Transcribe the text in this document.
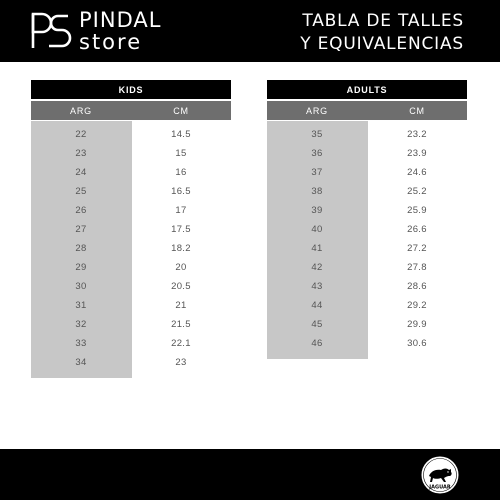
PINDAL
store
TABLA DE TALLES
Y EQUIVALENCIAS
KIDS
ARG	CM
22	14.5
23	15
24	16
25	16.5
26	17
27	17.5
28	18.2
29	20
30	20.5
31	21
32	21.5
33	22.1
34	23
ADULTS
ARG	CM
35	23.2
36	23.9
37	24.6
38	25.2
39	25.9
40	26.6
41	27.2
42	27.8
43	28.6
44	29.2
45	29.9
46	30.6
JAGUAR
